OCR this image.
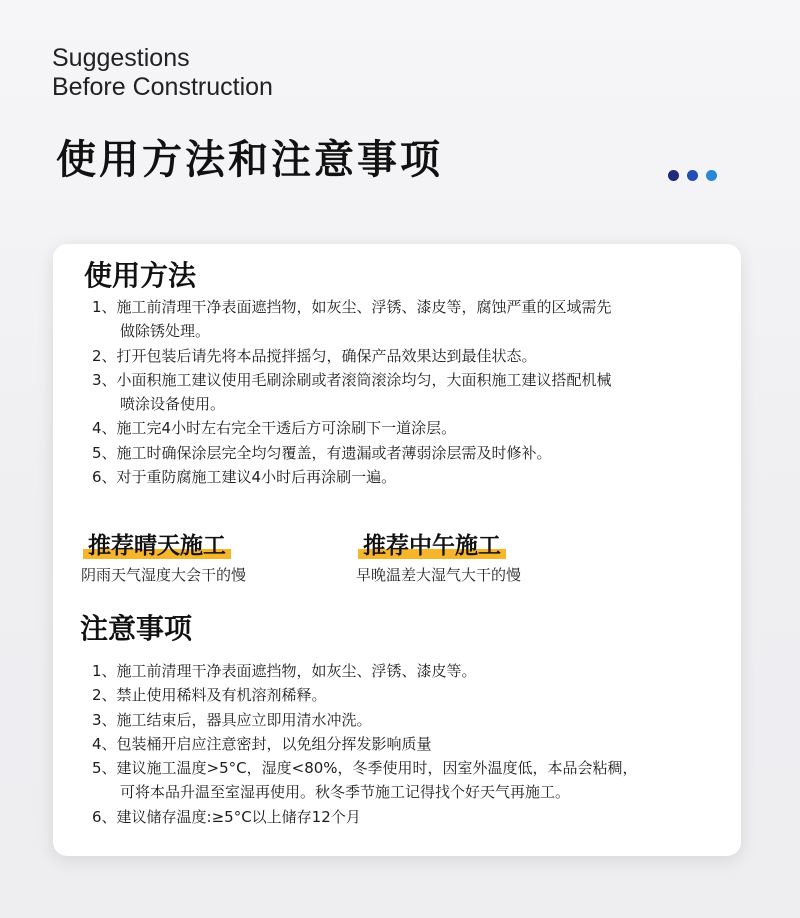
Suggestions
Before Construction
使用方法和注意事项
使用方法
1、施工前清理干净表面遮挡物，如灰尘、浮锈、漆皮等，腐蚀严重的区域需先
做除锈处理。
2、打开包装后请先将本品搅拌摇匀，确保产品效果达到最佳状态。
3、小面积施工建议使用毛刷涂刷或者滚筒滚涂均匀，大面积施工建议搭配机械
喷涂设备使用。
4、施工完4小时左右完全干透后方可涂刷下一道涂层。
5、施工时确保涂层完全均匀覆盖，有遗漏或者薄弱涂层需及时修补。
6、对于重防腐施工建议4小时后再涂刷一遍。
推荐晴天施工
阴雨天气湿度大会干的慢
推荐中午施工
早晚温差大湿气大干的慢
注意事项
1、施工前清理干净表面遮挡物，如灰尘、浮锈、漆皮等。
2、禁止使用稀料及有机溶剂稀释。
3、施工结束后，器具应立即用清水冲洗。
4、包装桶开启应注意密封，以免组分挥发影响质量
5、建议施工温度>5°C，湿度<80%，冬季使用时，因室外温度低，本品会粘稠，
可将本品升温至室湿再使用。秋冬季节施工记得找个好天气再施工。
6、建议储存温度:≥5°C以上储存12个月
